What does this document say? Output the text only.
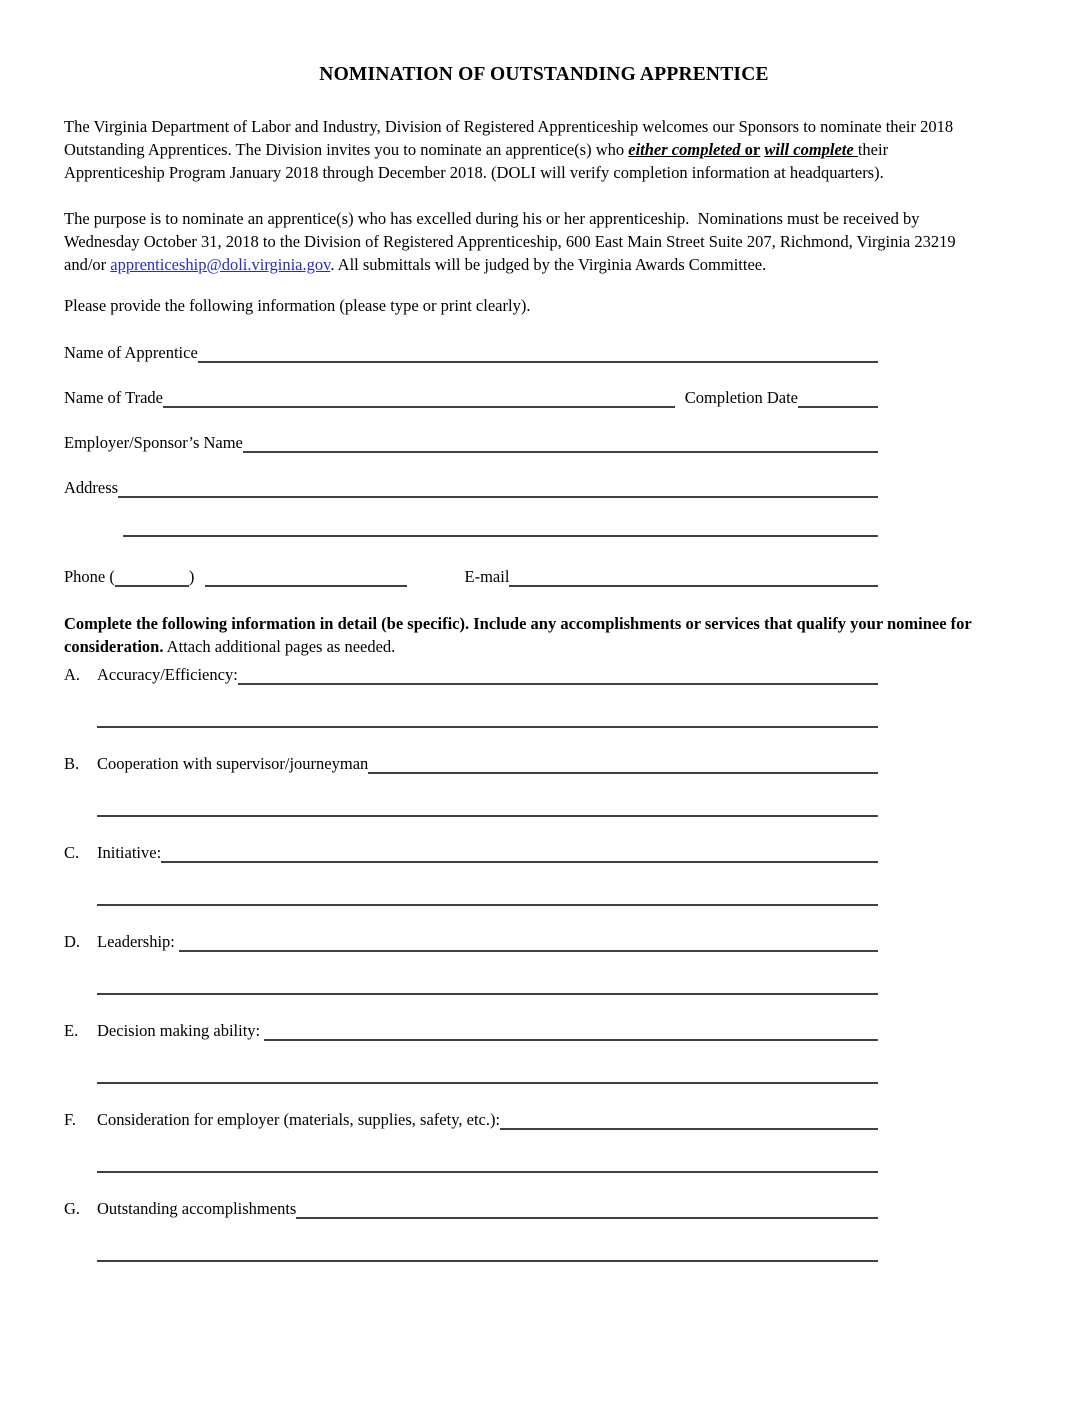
NOMINATION OF OUTSTANDING APPRENTICE

The Virginia Department of Labor and Industry, Division of Registered Apprenticeship welcomes our Sponsors to nominate their 2018 Outstanding Apprentices. The Division invites you to nominate an apprentice(s) who either completed or will complete their Apprenticeship Program January 2018 through December 2018. (DOLI will verify completion information at headquarters).

The purpose is to nominate an apprentice(s) who has excelled during his or her apprenticeship.  Nominations must be received by Wednesday October 31, 2018 to the Division of Registered Apprenticeship, 600 East Main Street Suite 207, Richmond, Virginia 23219 and/or apprenticeship@doli.virginia.gov. All submittals will be judged by the Virginia Awards Committee.

Please provide the following information (please type or print clearly).

Name of Apprentice
Name of Trade	Completion Date
Employer/Sponsor’s Name
Address
Phone (	)	E-mail

Complete the following information in detail (be specific). Include any accomplishments or services that qualify your nominee for consideration. Attach additional pages as needed.

A.	Accuracy/Efficiency:
B.	Cooperation with supervisor/journeyman
C.	Initiative:
D.	Leadership:
E.	Decision making ability:
F.	Consideration for employer (materials, supplies, safety, etc.):
G.	Outstanding accomplishments
